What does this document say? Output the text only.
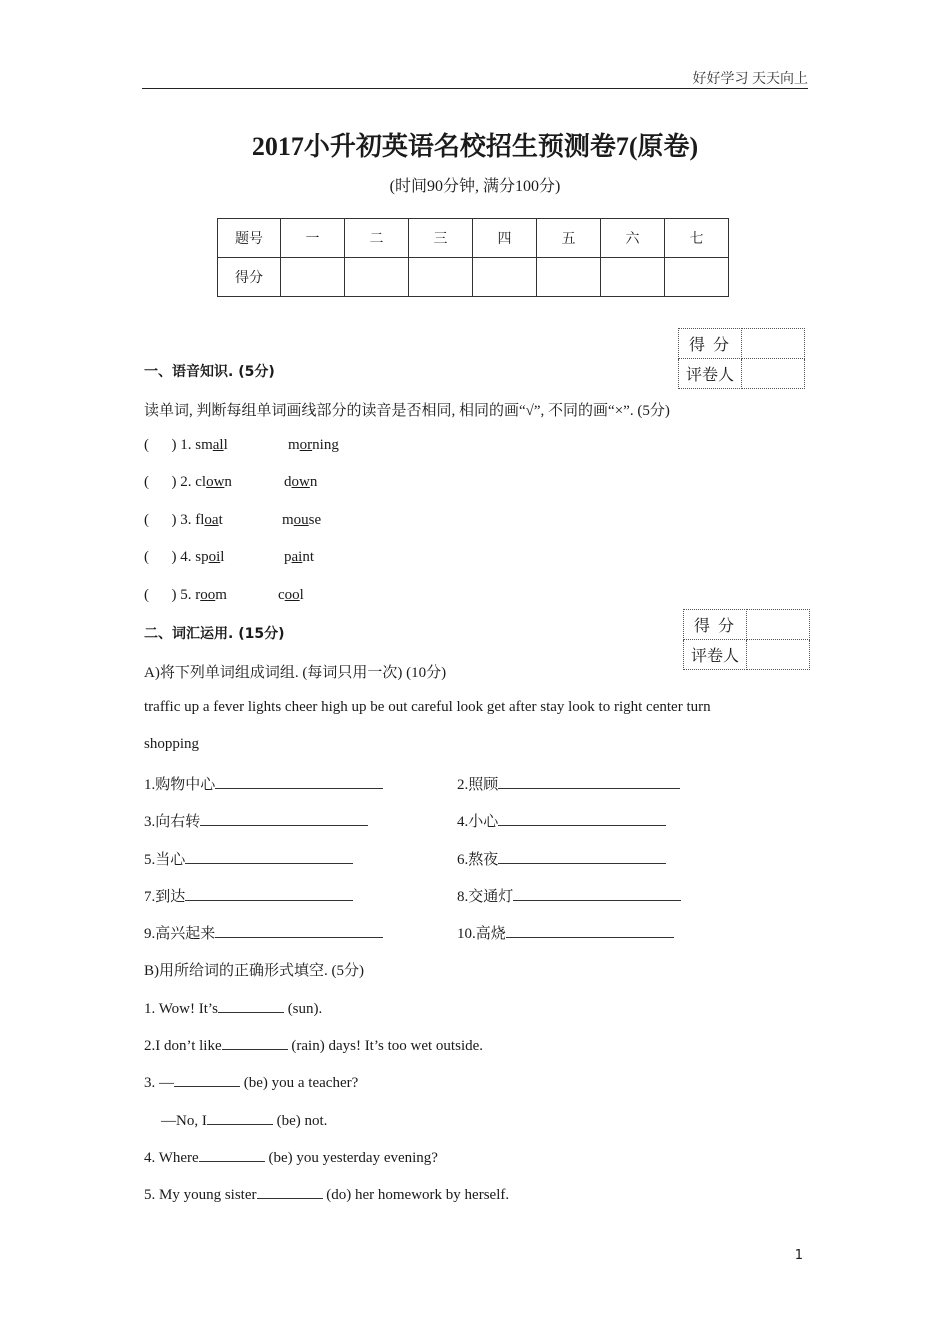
好好学习 天天向上
2017小升初英语名校招生预测卷7(原卷)
(时间90分钟, 满分100分)
题号	一	二	三	四	五	六	七
得分							
得 分	
评卷人	
一、语音知识. (5分)
读单词, 判断每组单词画线部分的读音是否相同, 相同的画“√”, 不同的画“×”. (5分)
(      ) 1. small	morning
(      ) 2. clown	down
(      ) 3. float	mouse
(      ) 4. spoil	paint
(      ) 5. room	cool
得 分	
评卷人	
二、词汇运用. (15分)
A)将下列单词组成词组. (每词只用一次) (10分)
traffic up a fever lights cheer high up be out careful look get after stay look to right center turn
shopping
1.购物中心	2.照顾
3.向右转	4.小心
5.当心	6.熬夜
7.到达	8.交通灯
9.高兴起来	10.高烧
B)用所给词的正确形式填空. (5分)
1. Wow! It’s	(sun).
2.I don’t like	(rain) days! It’s too wet outside.
3. —	(be) you a teacher?
—No, I	(be) not.
4. Where	(be) you yesterday evening?
5. My young sister	(do) her homework by herself.
1
